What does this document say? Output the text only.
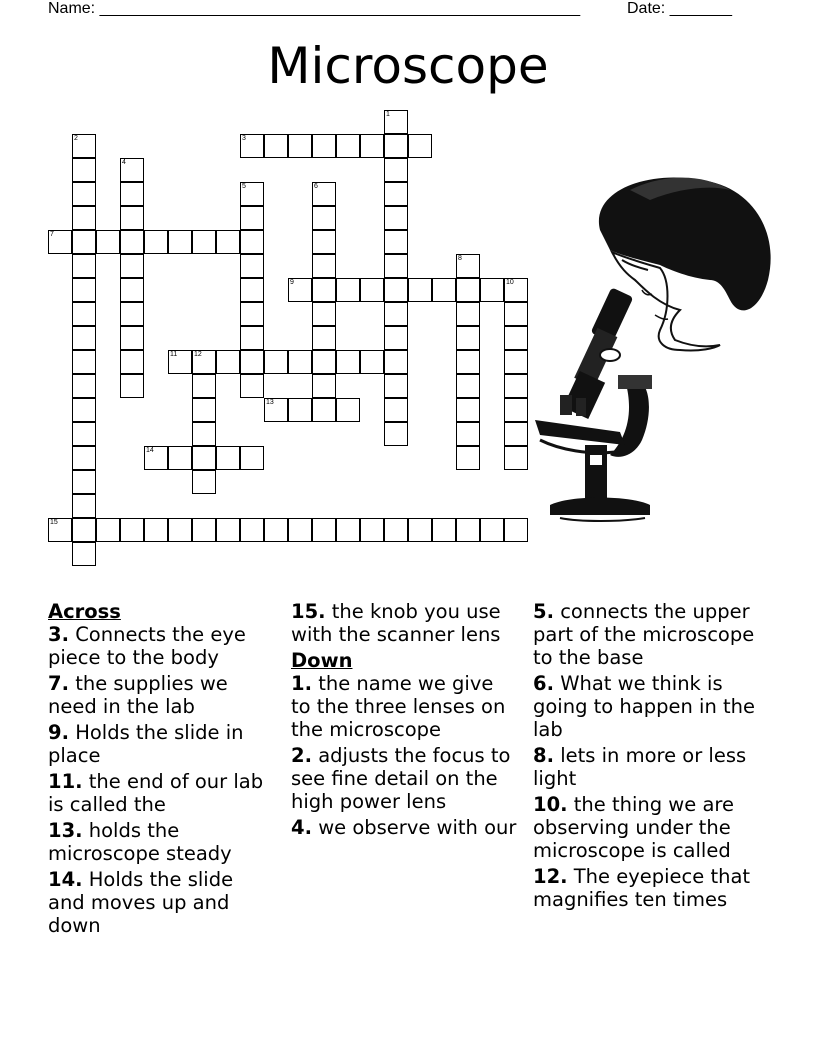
Name: ______________________________________________________	Date: _______
Microscope
1
2	3
4
5	6
7
8
9	10
11 12
13
14
15
Across
3. Connects the eye piece to the body
7. the supplies we need in the lab
9. Holds the slide in place
11. the end of our lab is called the
13. holds the microscope steady
14. Holds the slide and moves up and down
15. the knob you use with the scanner lens
Down
1. the name we give to the three lenses on the microscope
2. adjusts the focus to see fine detail on the high power lens
4. we observe with our
5. connects the upper part of the microscope to the base
6. What we think is going to happen in the lab
8. lets in more or less light
10. the thing we are observing under the microscope is called
12. The eyepiece that magnifies ten times
